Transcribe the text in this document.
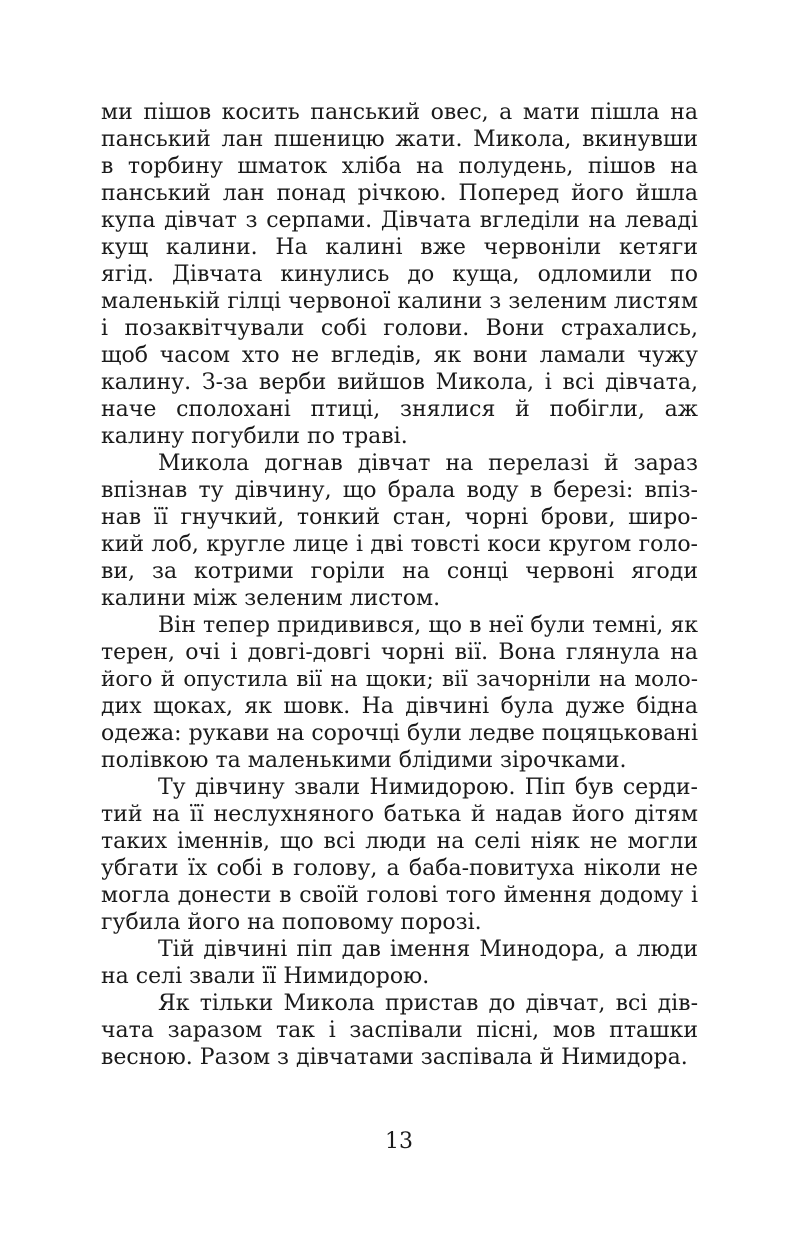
ми пішов косить панський овес, а мати пішла на
панський лан пшеницю жати. Микола, вкинувши
в торбину шматок хліба на полудень, пішов на
панський лан понад річкою. Поперед його йшла
купа дівчат з серпами. Дівчата вгледіли на леваді
кущ калини. На калині вже червоніли кетяги
ягід. Дівчата кинулись до куща, одломили по
маленькій гілці червоної калини з зеленим листям
і позаквітчували собі голови. Вони страхались,
щоб часом хто не вгледів, як вони ламали чужу
калину. З-за верби вийшов Микола, і всі дівчата,
наче сполохані птиці, знялися й побігли, аж
калину погубили по траві.
Микола догнав дівчат на перелазі й зараз
впізнав ту дівчину, що брала воду в березі: впіз-
нав її гнучкий, тонкий стан, чорні брови, широ-
кий лоб, кругле лице і дві товсті коси кругом голо-
ви, за котрими горіли на сонці червоні ягоди
калини між зеленим листом.
Він тепер придивився, що в неї були темні, як
терен, очі і довгі-довгі чорні вії. Вона глянула на
його й опустила вії на щоки; вії зачорніли на моло-
дих щоках, як шовк. На дівчині була дуже бідна
одежа: рукави на сорочці були ледве поцяцьковані
полівкою та маленькими блідими зірочками.
Ту дівчину звали Нимидорою. Піп був серди-
тий на її неслухняного батька й надав його дітям
таких іменнів, що всі люди на селі ніяк не могли
убгати їх собі в голову, а баба-повитуха ніколи не
могла донести в своїй голові того ймення додому і
губила його на поповому порозі.
Тій дівчині піп дав імення Минодора, а люди
на селі звали її Нимидорою.
Як тільки Микола пристав до дівчат, всі дів-
чата заразом так і заспівали пісні, мов пташки
весною. Разом з дівчатами заспівала й Нимидора.
13
